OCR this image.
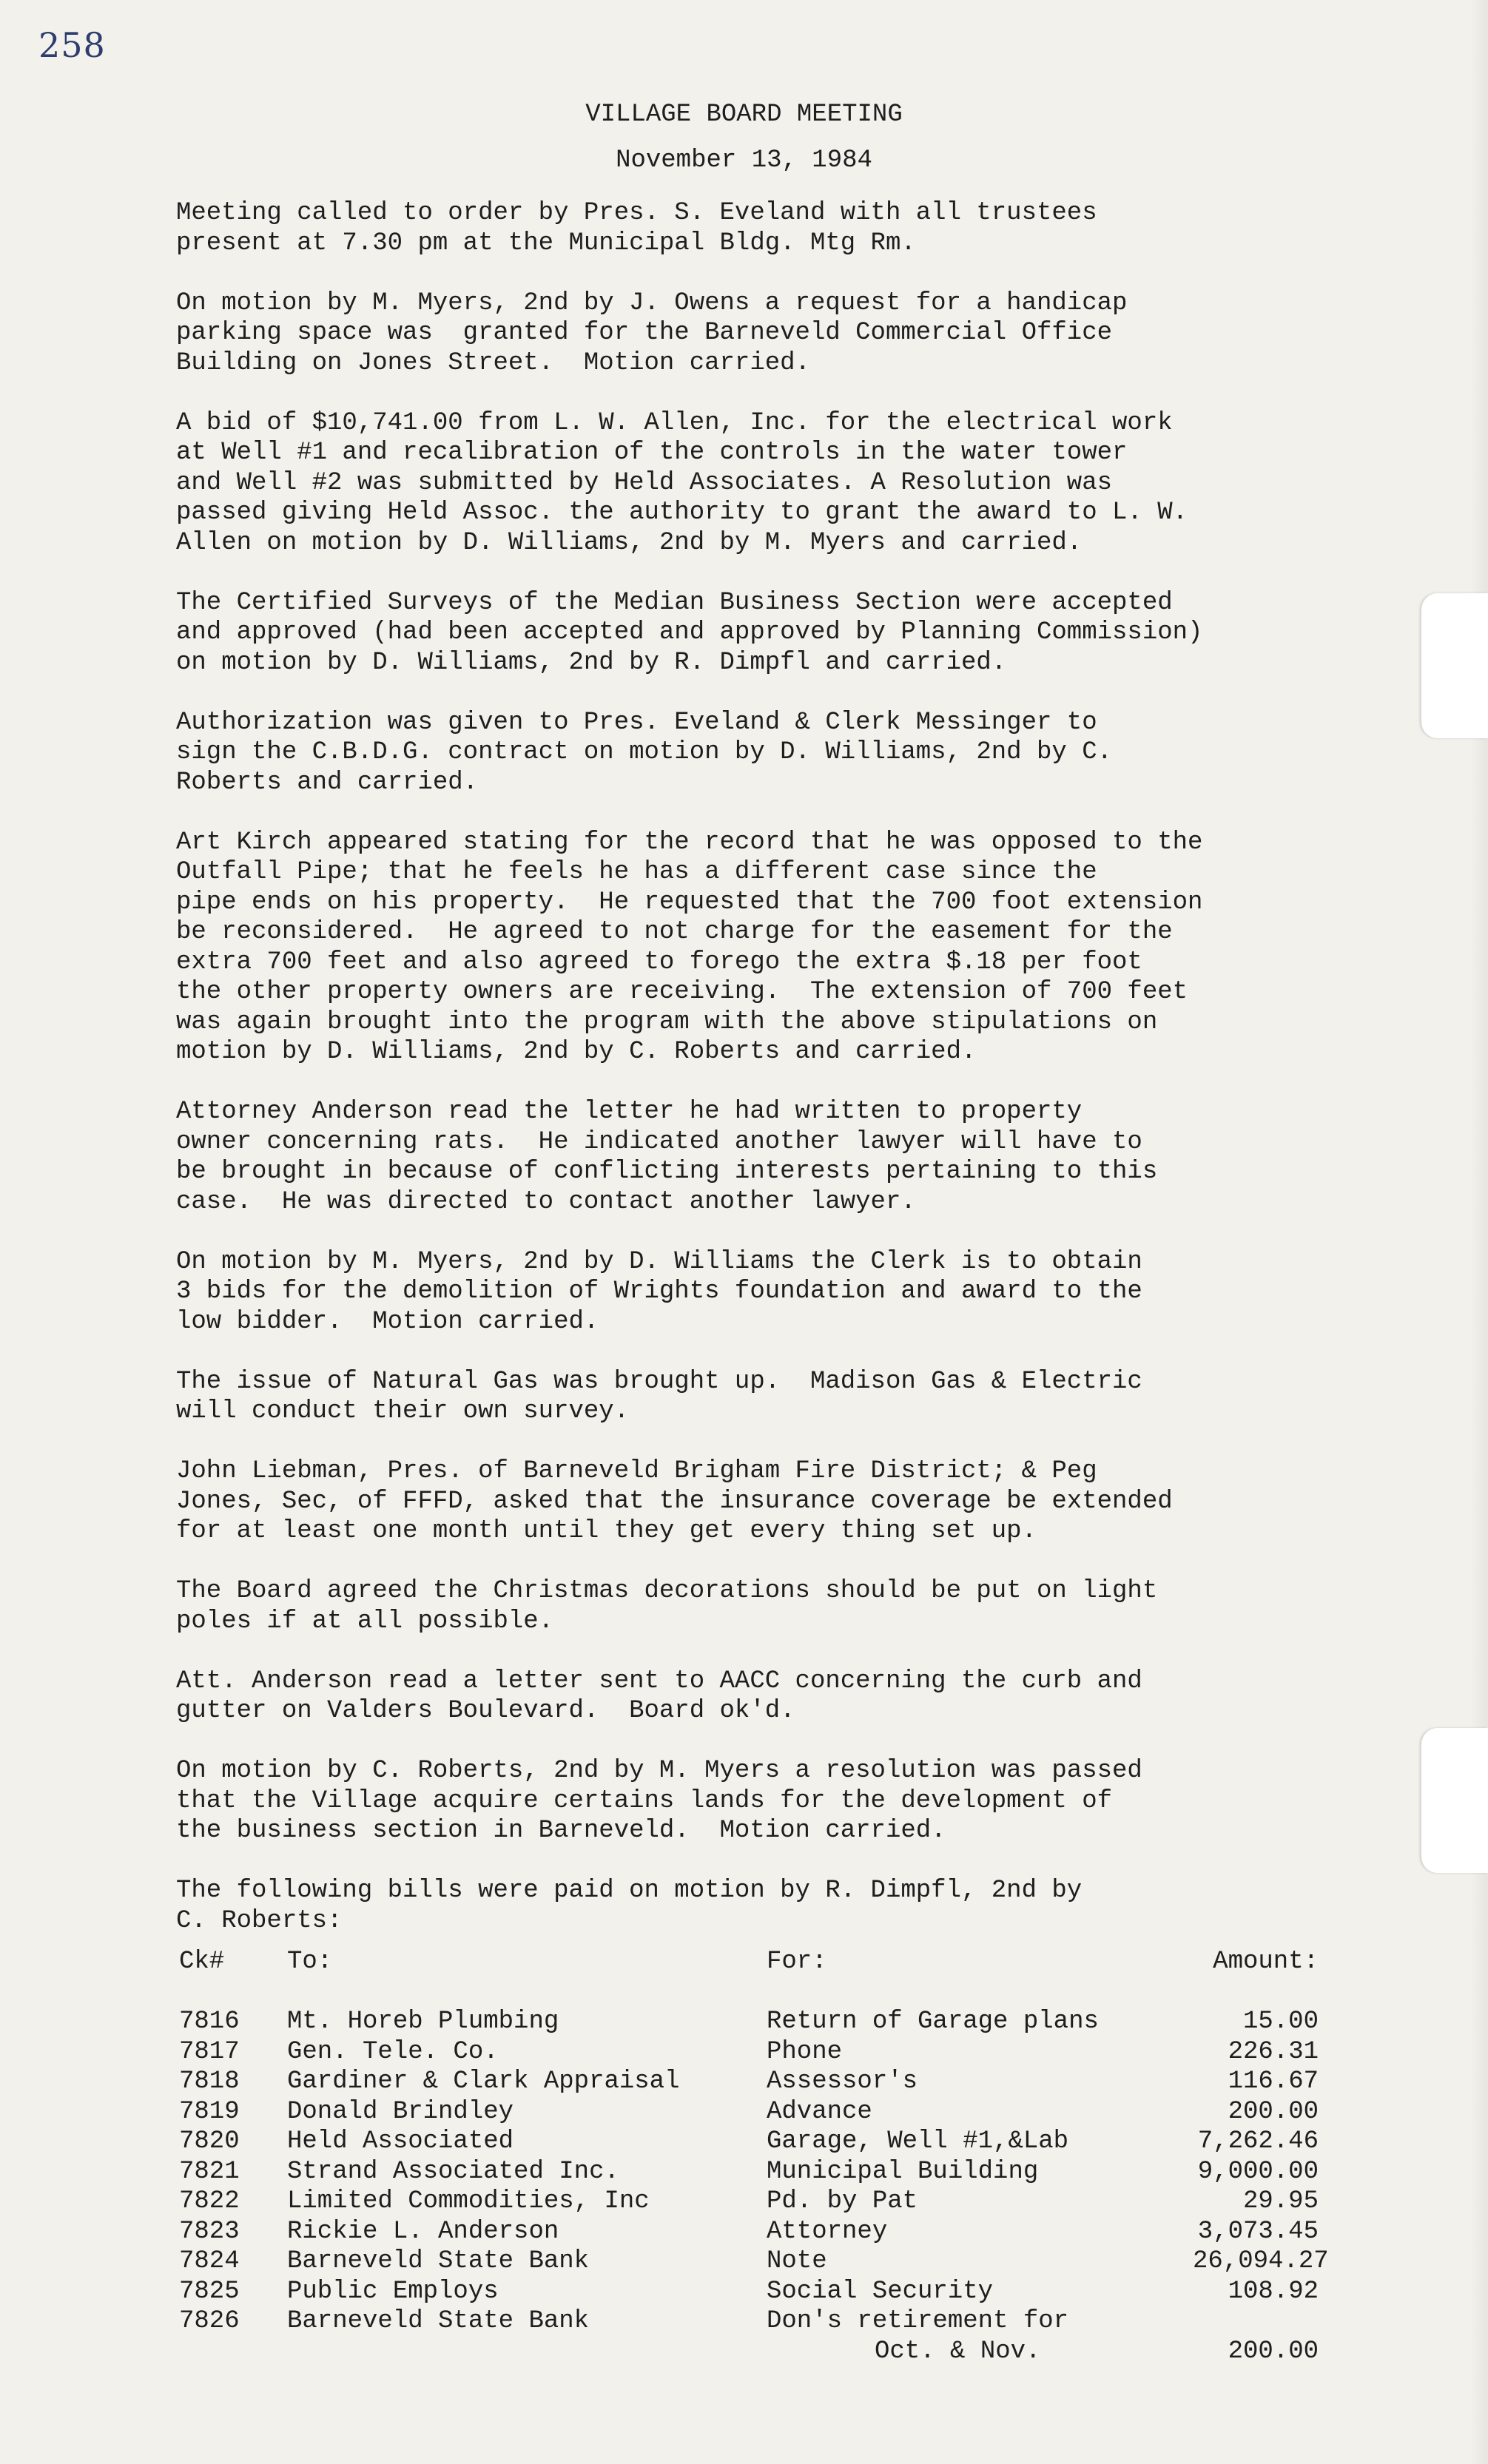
258
VILLAGE BOARD MEETING
November 13, 1984
Meeting called to order by Pres. S. Eveland with all trustees
present at 7.30 pm at the Municipal Bldg. Mtg Rm.
On motion by M. Myers, 2nd by J. Owens a request for a handicap
parking space was  granted for the Barneveld Commercial Office
Building on Jones Street.  Motion carried.
A bid of $10,741.00 from L. W. Allen, Inc. for the electrical work
at Well #1 and recalibration of the controls in the water tower
and Well #2 was submitted by Held Associates. A Resolution was
passed giving Held Assoc. the authority to grant the award to L. W.
Allen on motion by D. Williams, 2nd by M. Myers and carried.
The Certified Surveys of the Median Business Section were accepted
and approved (had been accepted and approved by Planning Commission)
on motion by D. Williams, 2nd by R. Dimpfl and carried.
Authorization was given to Pres. Eveland & Clerk Messinger to
sign the C.B.D.G. contract on motion by D. Williams, 2nd by C.
Roberts and carried.
Art Kirch appeared stating for the record that he was opposed to the
Outfall Pipe; that he feels he has a different case since the
pipe ends on his property.  He requested that the 700 foot extension
be reconsidered.  He agreed to not charge for the easement for the
extra 700 feet and also agreed to forego the extra $.18 per foot
the other property owners are receiving.  The extension of 700 feet
was again brought into the program with the above stipulations on
motion by D. Williams, 2nd by C. Roberts and carried.
Attorney Anderson read the letter he had written to property
owner concerning rats.  He indicated another lawyer will have to
be brought in because of conflicting interests pertaining to this
case.  He was directed to contact another lawyer.
On motion by M. Myers, 2nd by D. Williams the Clerk is to obtain
3 bids for the demolition of Wrights foundation and award to the
low bidder.  Motion carried.
The issue of Natural Gas was brought up.  Madison Gas & Electric
will conduct their own survey.
John Liebman, Pres. of Barneveld Brigham Fire District; & Peg
Jones, Sec, of FFFD, asked that the insurance coverage be extended
for at least one month until they get every thing set up.
The Board agreed the Christmas decorations should be put on light
poles if at all possible.
Att. Anderson read a letter sent to AACC concerning the curb and
gutter on Valders Boulevard.  Board ok'd.
On motion by C. Roberts, 2nd by M. Myers a resolution was passed
that the Village acquire certains lands for the development of
the business section in Barneveld.  Motion carried.
The following bills were paid on motion by R. Dimpfl, 2nd by
C. Roberts:
Ck#	To:	For:	Amount:
7816	Mt. Horeb Plumbing	Return of Garage plans	15.00
7817	Gen. Tele. Co.	Phone	226.31
7818	Gardiner & Clark Appraisal	Assessor's	116.67
7819	Donald Brindley	Advance	200.00
7820	Held Associated	Garage, Well #1,&Lab	7,262.46
7821	Strand Associated Inc.	Municipal Building	9,000.00
7822	Limited Commodities, Inc	Pd. by Pat	29.95
7823	Rickie L. Anderson	Attorney	3,073.45
7824	Barneveld State Bank	Note	26,094.27
7825	Public Employs	Social Security	108.92
7826	Barneveld State Bank	Don's retirement for
Oct. & Nov.	200.00
